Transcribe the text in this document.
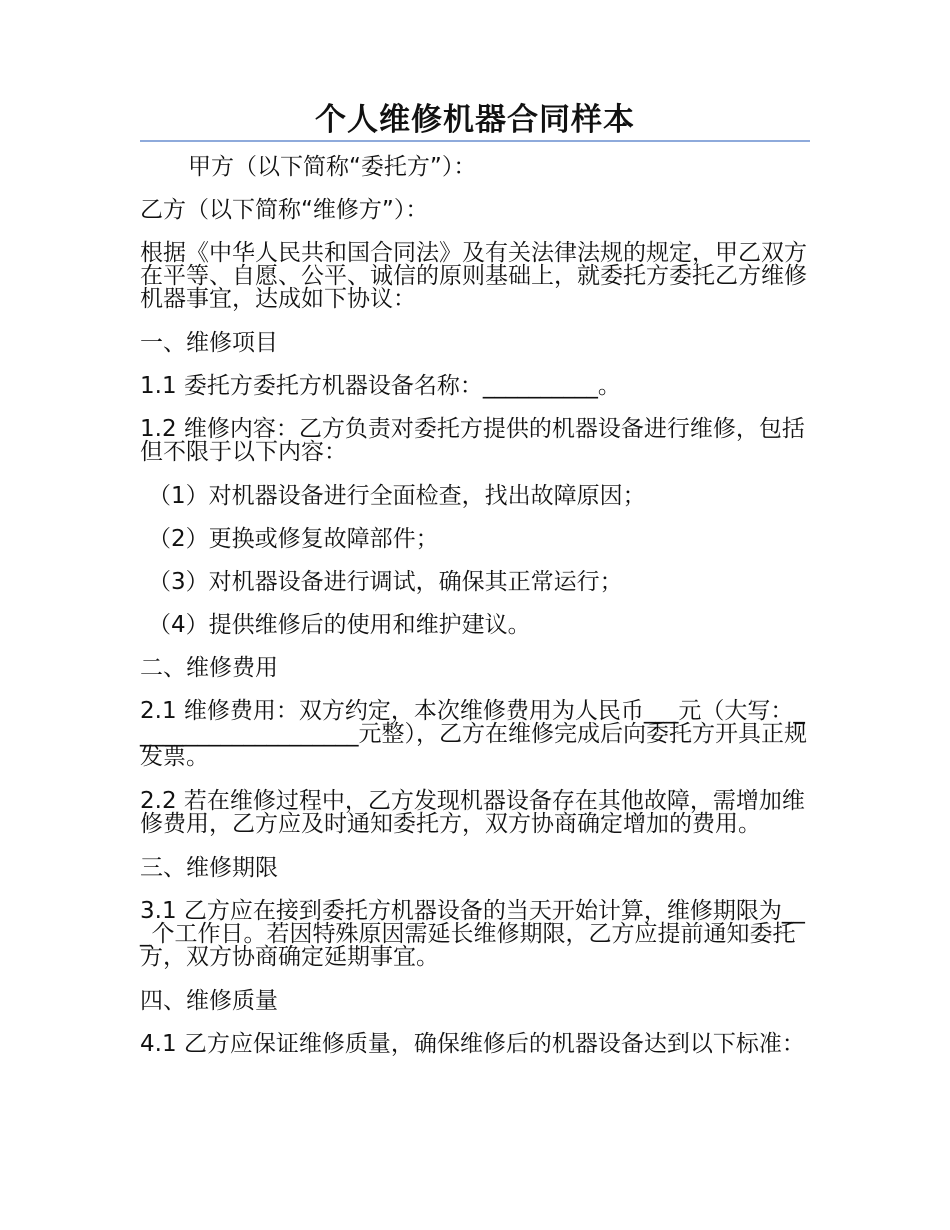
个人维修机器合同样本

甲方（以下简称“委托方”）：

乙方（以下简称“维修方”）：

根据《中华人民共和国合同法》及有关法律法规的规定，甲乙双方在平等、自愿、公平、诚信的原则基础上，就委托方委托乙方维修机器事宜，达成如下协议：

一、维修项目

1.1 委托方委托方机器设备名称：__________。

1.2 维修内容：乙方负责对委托方提供的机器设备进行维修，包括但不限于以下内容：

（1）对机器设备进行全面检查，找出故障原因；

（2）更换或修复故障部件；

（3）对机器设备进行调试，确保其正常运行；

（4）提供维修后的使用和维护建议。

二、维修费用

2.1 维修费用：双方约定，本次维修费用为人民币___元（大写：____________________元整），乙方在维修完成后向委托方开具正规发票。

2.2 若在维修过程中，乙方发现机器设备存在其他故障，需增加维修费用，乙方应及时通知委托方，双方协商确定增加的费用。

三、维修期限

3.1 乙方应在接到委托方机器设备的当天开始计算，维修期限为___个工作日。若因特殊原因需延长维修期限，乙方应提前通知委托方，双方协商确定延期事宜。

四、维修质量

4.1 乙方应保证维修质量，确保维修后的机器设备达到以下标准：
